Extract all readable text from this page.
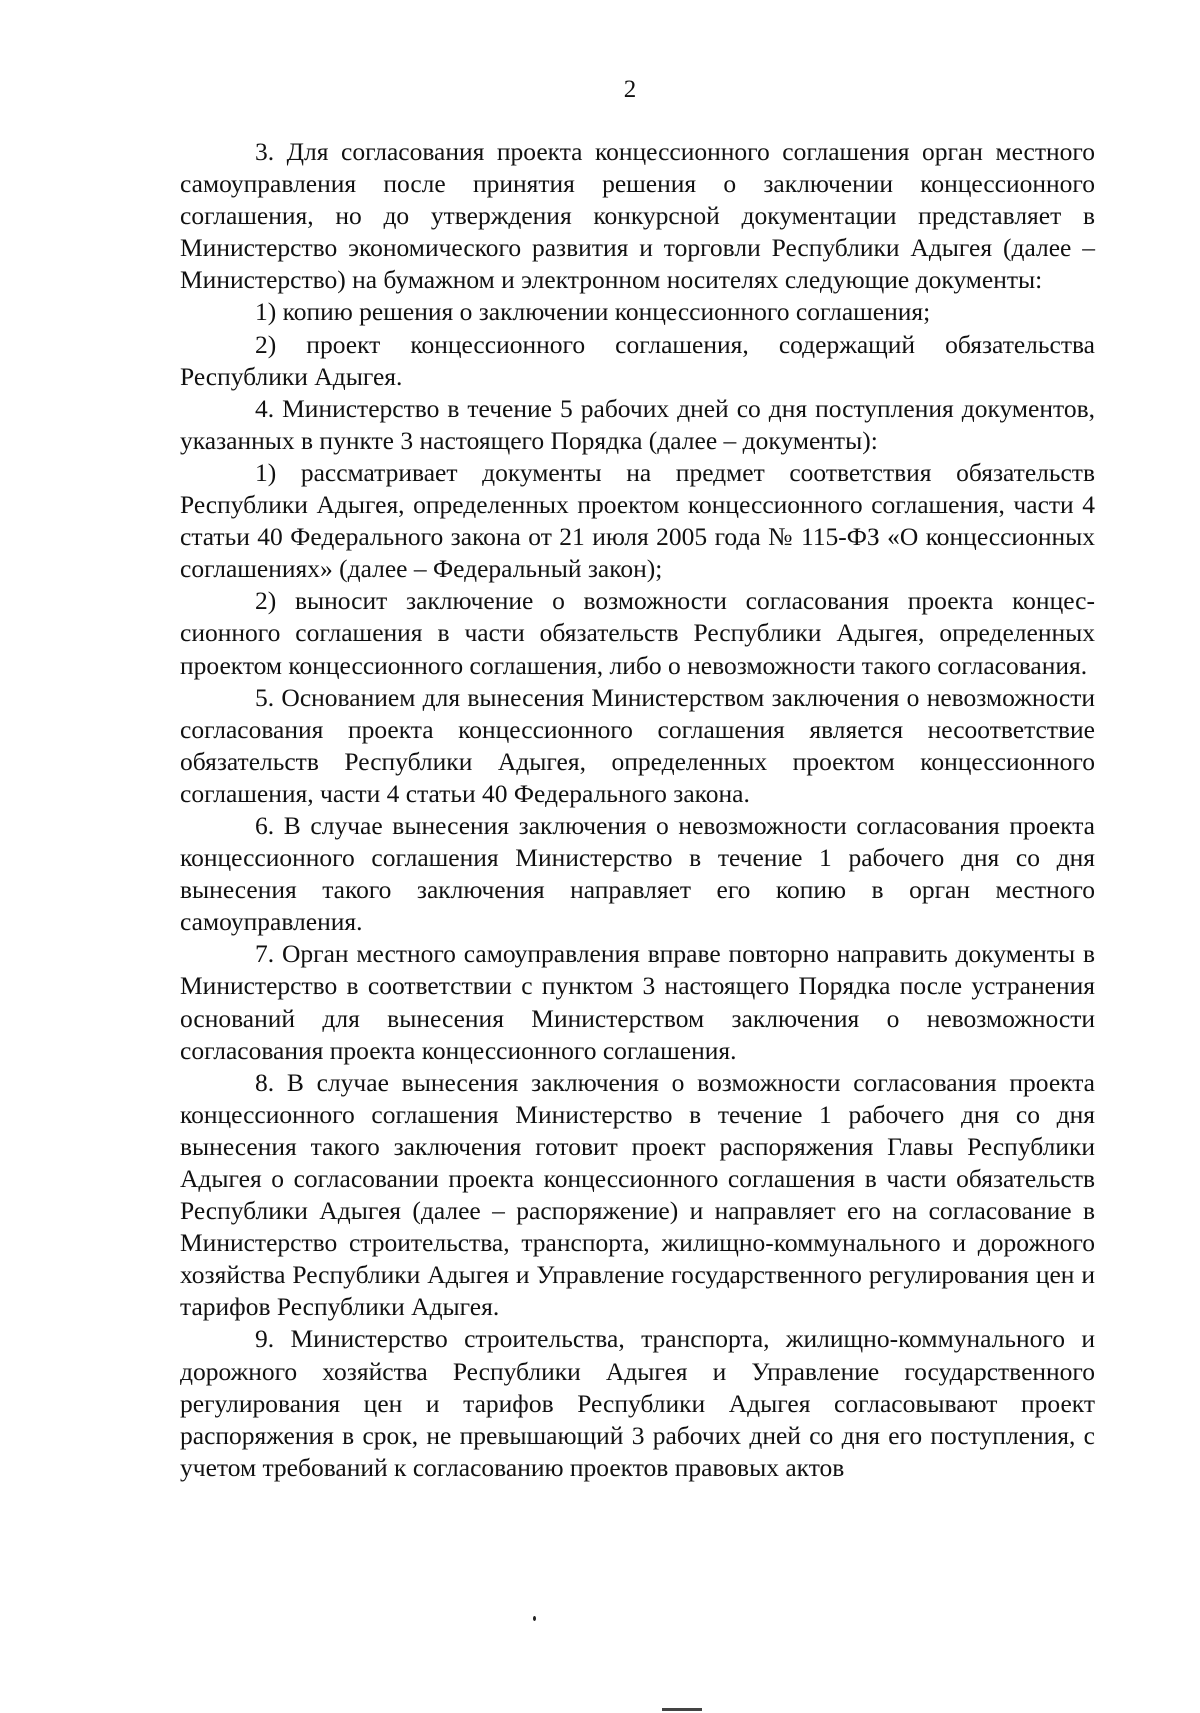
2

3. Для согласования проекта концессионного соглашения орган местного самоуправления после принятия решения о заключении концессионного соглашения, но до утверждения конкурсной документации представляет в Министерство экономического развития и торговли Республики Адыгея (далее – Министерство) на бумажном и электронном носителях следующие документы:

1) копию решения о заключении концессионного соглашения;

2) проект концессионного соглашения, содержащий обязательства Республики Адыгея.

4. Министерство в течение 5 рабочих дней со дня поступления документов, указанных в пункте 3 настоящего Порядка (далее – документы):

1) рассматривает документы на предмет соответствия обязательств Республики Адыгея, определенных проектом концессионного соглашения, части 4 статьи 40 Федерального закона от 21 июля 2005 года № 115-ФЗ «О концессионных соглашениях» (далее – Федеральный закон);

2) выносит заключение о возможности согласования проекта концессионного соглашения в части обязательств Республики Адыгея, определенных проектом концессионного соглашения, либо о невозможности такого согласования.

5. Основанием для вынесения Министерством заключения о невозможности согласования проекта концессионного соглашения является несоответствие обязательств Республики Адыгея, определенных проектом концессионного соглашения, части 4 статьи 40 Федерального закона.

6. В случае вынесения заключения о невозможности согласования проекта концессионного соглашения Министерство в течение 1 рабочего дня со дня вынесения такого заключения направляет его копию в орган местного самоуправления.

7. Орган местного самоуправления вправе повторно направить документы в Министерство в соответствии с пунктом 3 настоящего Порядка после устранения оснований для вынесения Министерством заключения о невозможности согласования проекта концессионного соглашения.

8. В случае вынесения заключения о возможности согласования проекта концессионного соглашения Министерство в течение 1 рабочего дня со дня вынесения такого заключения готовит проект распоряжения Главы Республики Адыгея о согласовании проекта концессионного соглашения в части обязательств Республики Адыгея (далее – распоряжение) и направляет его на согласование в Министерство строительства, транспорта, жилищно-коммунального и дорожного хозяйства Республики Адыгея и Управление государственного регулирования цен и тарифов Республики Адыгея.

9. Министерство строительства, транспорта, жилищно-коммунального и дорожного хозяйства Республики Адыгея и Управление государственного регулирования цен и тарифов Республики Адыгея согласовывают проект распоряжения в срок, не превышающий 3 рабочих дней со дня его поступления, с учетом требований к согласованию проектов правовых актов
